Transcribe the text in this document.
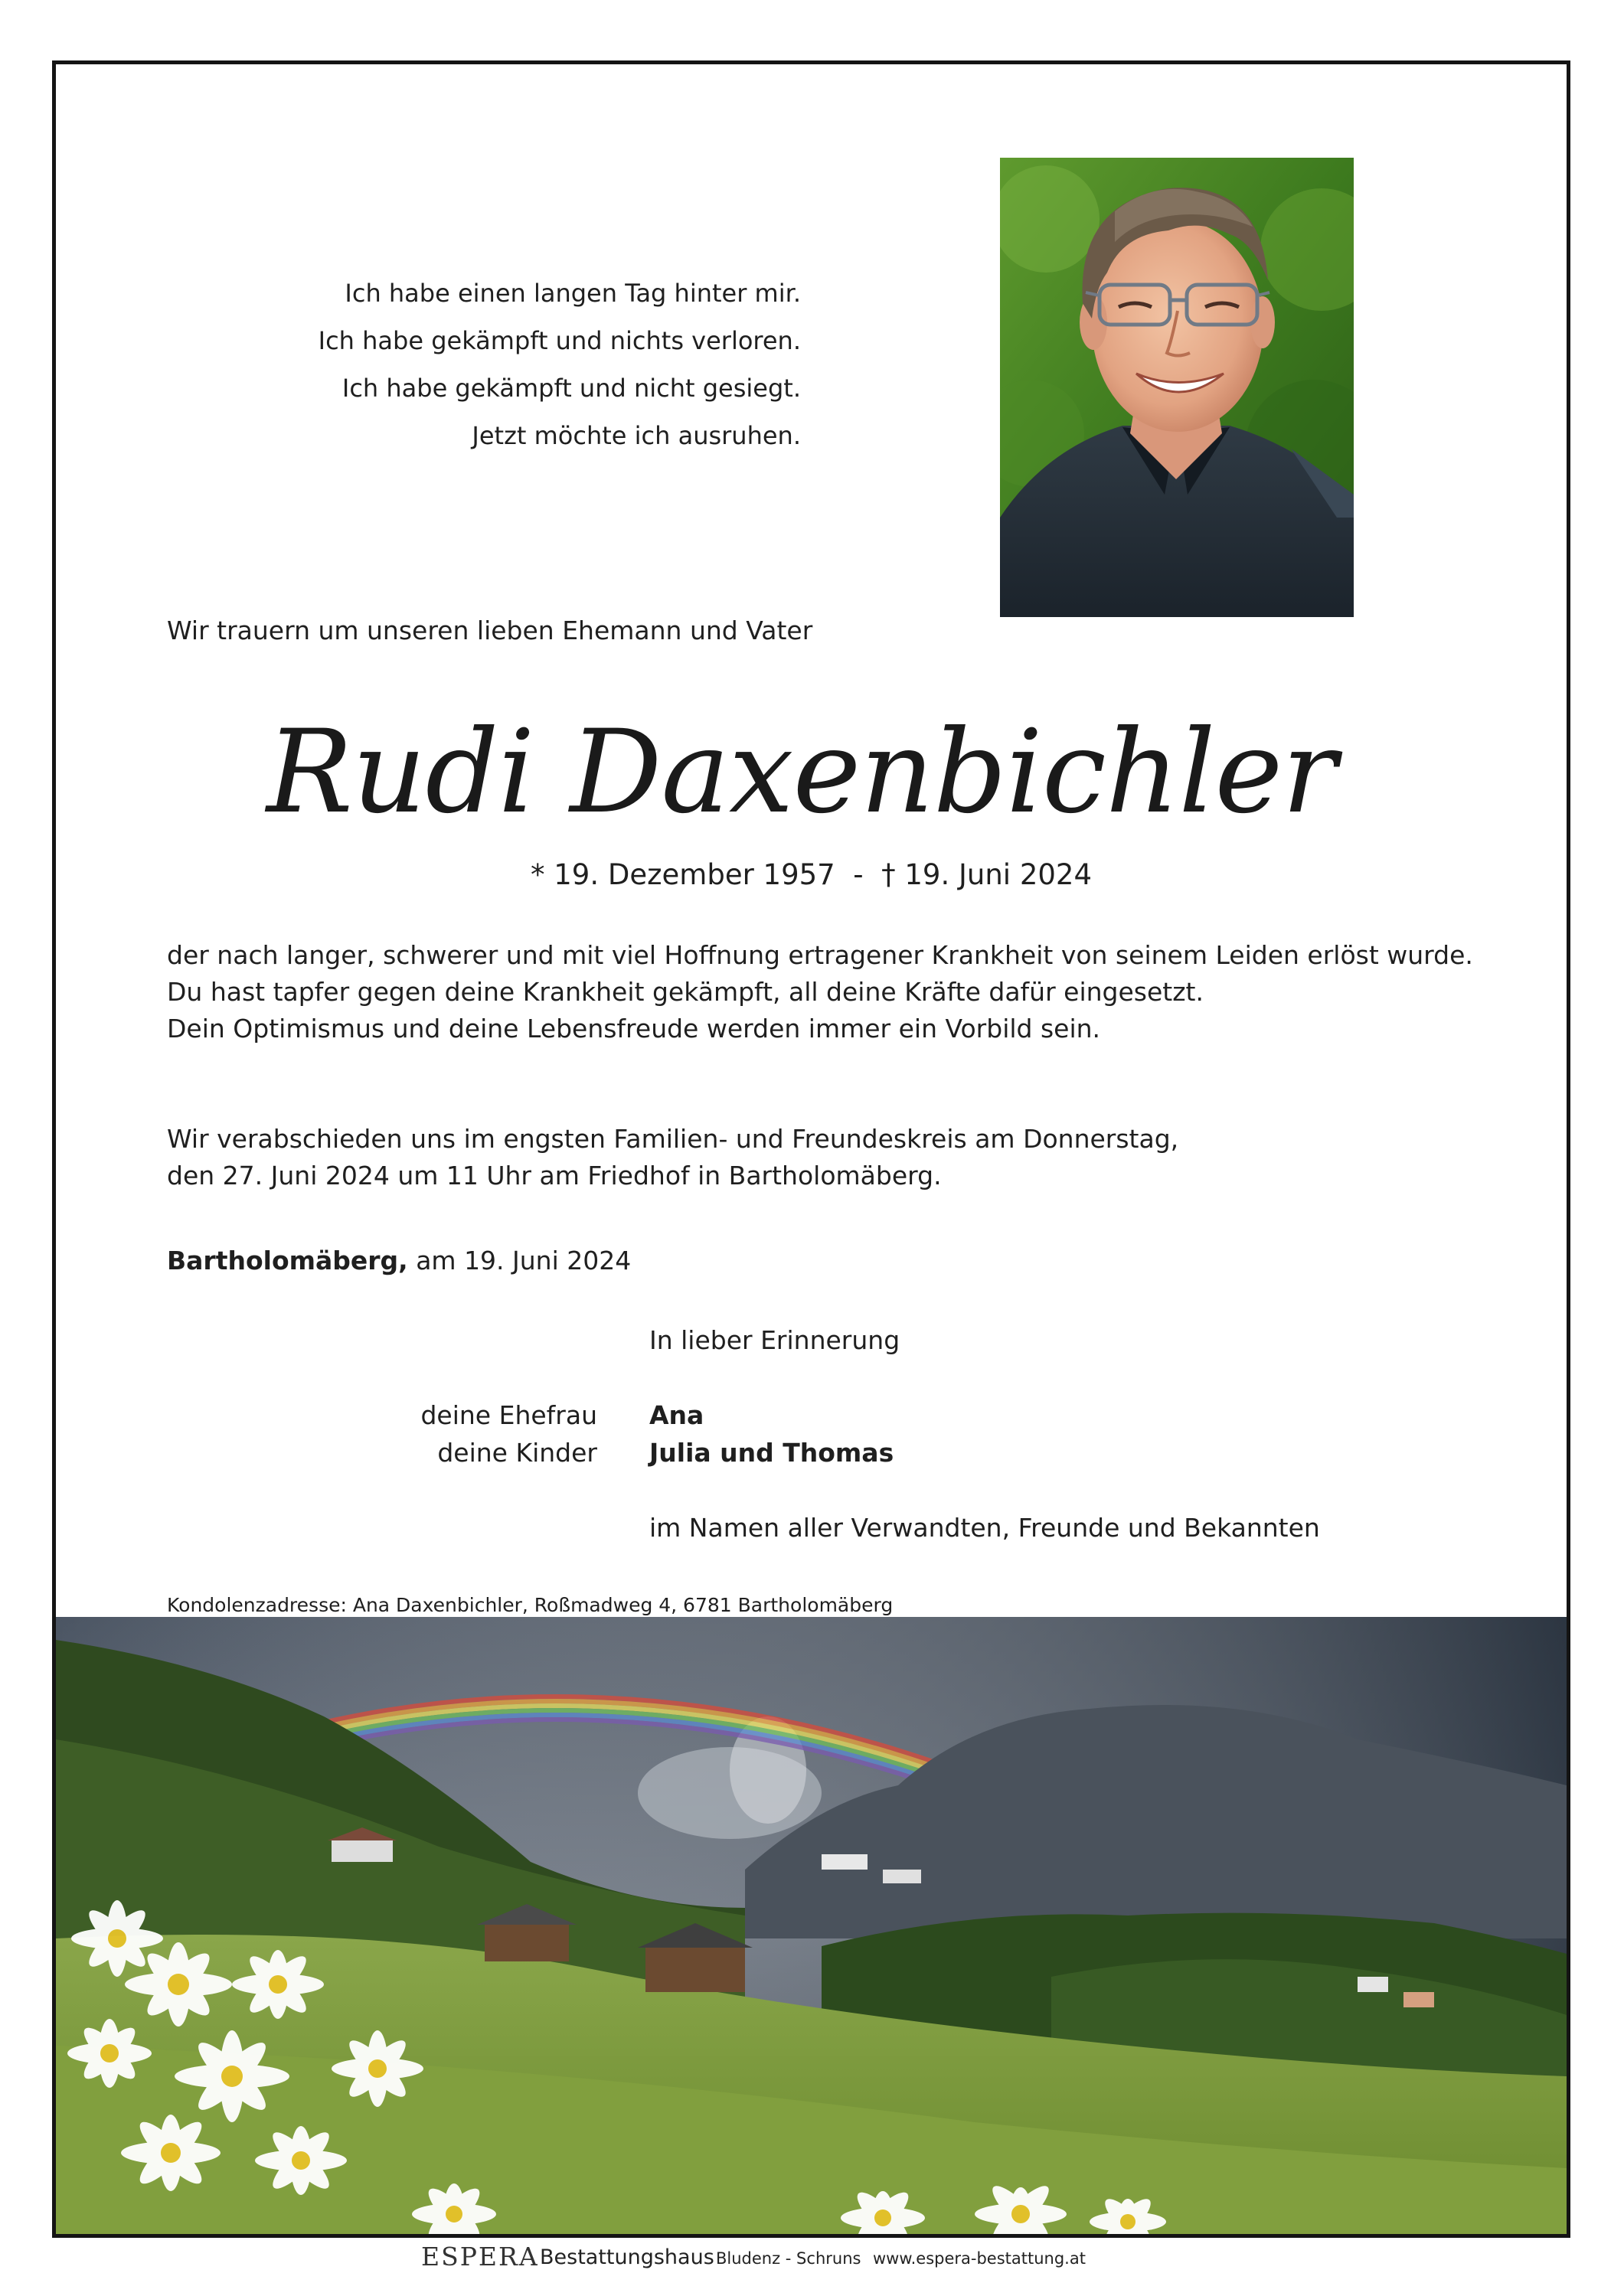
Ich habe einen langen Tag hinter mir.
Ich habe gekämpft und nichts verloren.
Ich habe gekämpft und nicht gesiegt.
Jetzt möchte ich ausruhen.
Wir trauern um unseren lieben Ehemann und Vater
Rudi Daxenbichler
* 19. Dezember 1957  -  † 19. Juni 2024
der nach langer, schwerer und mit viel Hoffnung ertragener Krankheit von seinem Leiden erlöst wurde.
Du hast tapfer gegen deine Krankheit gekämpft, all deine Kräfte dafür eingesetzt.
Dein Optimismus und deine Lebensfreude werden immer ein Vorbild sein.
Wir verabschieden uns im engsten Familien- und Freundeskreis am Donnerstag,
den 27. Juni 2024 um 11 Uhr am Friedhof in Bartholomäberg.
Bartholomäberg, am 19. Juni 2024
In lieber Erinnerung
deine Ehefrau Ana
deine Kinder Julia und Thomas
im Namen aller Verwandten, Freunde und Bekannten
Kondolenzadresse: Ana Daxenbichler, Roßmadweg 4, 6781 Bartholomäberg
ESPERA Bestattungshaus Bludenz - Schruns www.espera-bestattung.at
